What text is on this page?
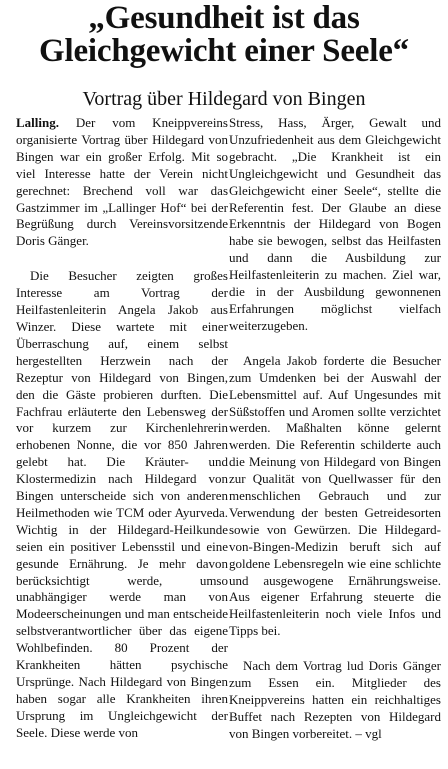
„Gesundheit ist das
Gleichgewicht einer Seele“
Vortrag über Hildegard von Bingen

Lalling. Der vom Kneippvereins organisierte Vortrag über Hildegard von Bingen war ein großer Erfolg. Mit so viel Interesse hatte der Verein nicht gerechnet: Brechend voll war das Gastzimmer im „Lallinger Hof“ bei der Begrüßung durch Vereinsvorsitzende Doris Gänger.

Die Besucher zeigten großes Interesse am Vortrag der Heilfastenleiterin Angela Jakob aus Winzer. Diese wartete mit einer Überraschung auf, einem selbst hergestellten Herzwein nach der Rezeptur von Hildegard von Bingen, den die Gäste probieren durften. Die Fachfrau erläuterte den Lebensweg der vor kurzem zur Kirchenlehrerin erhobenen Nonne, die vor 850 Jahren gelebt hat. Die Kräuter- und Klostermedizin nach Hildegard von Bingen unterscheide sich von anderen Heilmethoden wie TCM oder Ayurveda. Wichtig in der Hildegard-Heilkunde seien ein positiver Lebensstil und eine gesunde Ernährung. Je mehr davon berücksichtigt werde, umso unabhängiger werde man von Modeerscheinungen und man entscheide selbstverantwortlicher über das eigene Wohlbefinden. 80 Prozent der Krankheiten hätten psychische Ursprünge. Nach Hildegard von Bingen haben sogar alle Krankheiten ihren Ursprung im Ungleichgewicht der Seele. Diese werde von

Stress, Hass, Ärger, Gewalt und Unzufriedenheit aus dem Gleichgewicht gebracht. „Die Krankheit ist ein Ungleichgewicht und Gesundheit das Gleichgewicht einer Seele“, stellte die Referentin fest. Der Glaube an diese Erkenntnis der Hildegard von Bogen habe sie bewogen, selbst das Heilfasten und dann die Ausbildung zur Heilfastenleiterin zu machen. Ziel war, die in der Ausbildung gewonnenen Erfahrungen möglichst vielfach weiterzugeben.

Angela Jakob forderte die Besucher zum Umdenken bei der Auswahl der Lebensmittel auf. Auf Ungesundes mit Süßstoffen und Aromen sollte verzichtet werden. Maßhalten könne gelernt werden. Die Referentin schilderte auch die Meinung von Hildegard von Bingen zur Qualität von Quellwasser für den menschlichen Gebrauch und zur Verwendung der besten Getreidesorten sowie von Gewürzen. Die Hildegard-von-Bingen-Medizin beruft sich auf goldene Lebensregeln wie eine schlichte und ausgewogene Ernährungsweise. Aus eigener Erfahrung steuerte die Heilfastenleiterin noch viele Infos und Tipps bei.

Nach dem Vortrag lud Doris Gänger zum Essen ein. Mitglieder des Kneippvereins hatten ein reichhaltiges Buffet nach Rezepten von Hildegard von Bingen vorbereitet. – vgl
